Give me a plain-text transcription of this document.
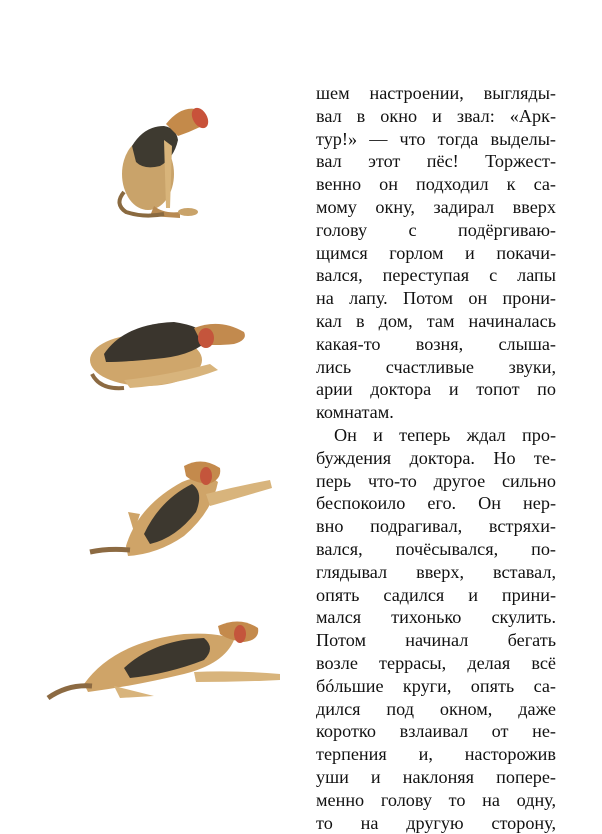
шем настроении, выгляды-
вал в окно и звал: «Арк-
тур!» — что тогда выделы-
вал этот пёс! Торжест-
венно он подходил к са-
мому окну, задирал вверх
голову с подёргиваю-
щимся горлом и покачи-
вался, переступая с лапы
на лапу. Потом он прони-
кал в дом, там начиналась
какая-то возня, слыша-
лись счастливые звуки,
арии доктора и топот по
комнатам.
Он и теперь ждал про-
буждения доктора. Но те-
перь что-то другое сильно
беспокоило его. Он нер-
вно подрагивал, встряхи-
вался, почёсывался, по-
глядывал вверх, вставал,
опять садился и прини-
мался тихонько скулить.
Потом начинал бегать
возле террасы, делая всё
бóльшие круги, опять са-
дился под окном, даже
коротко взлаивал от не-
терпения и, насторожив
уши и наклоняя попере-
менно голову то на одну,
то на другую сторону,
